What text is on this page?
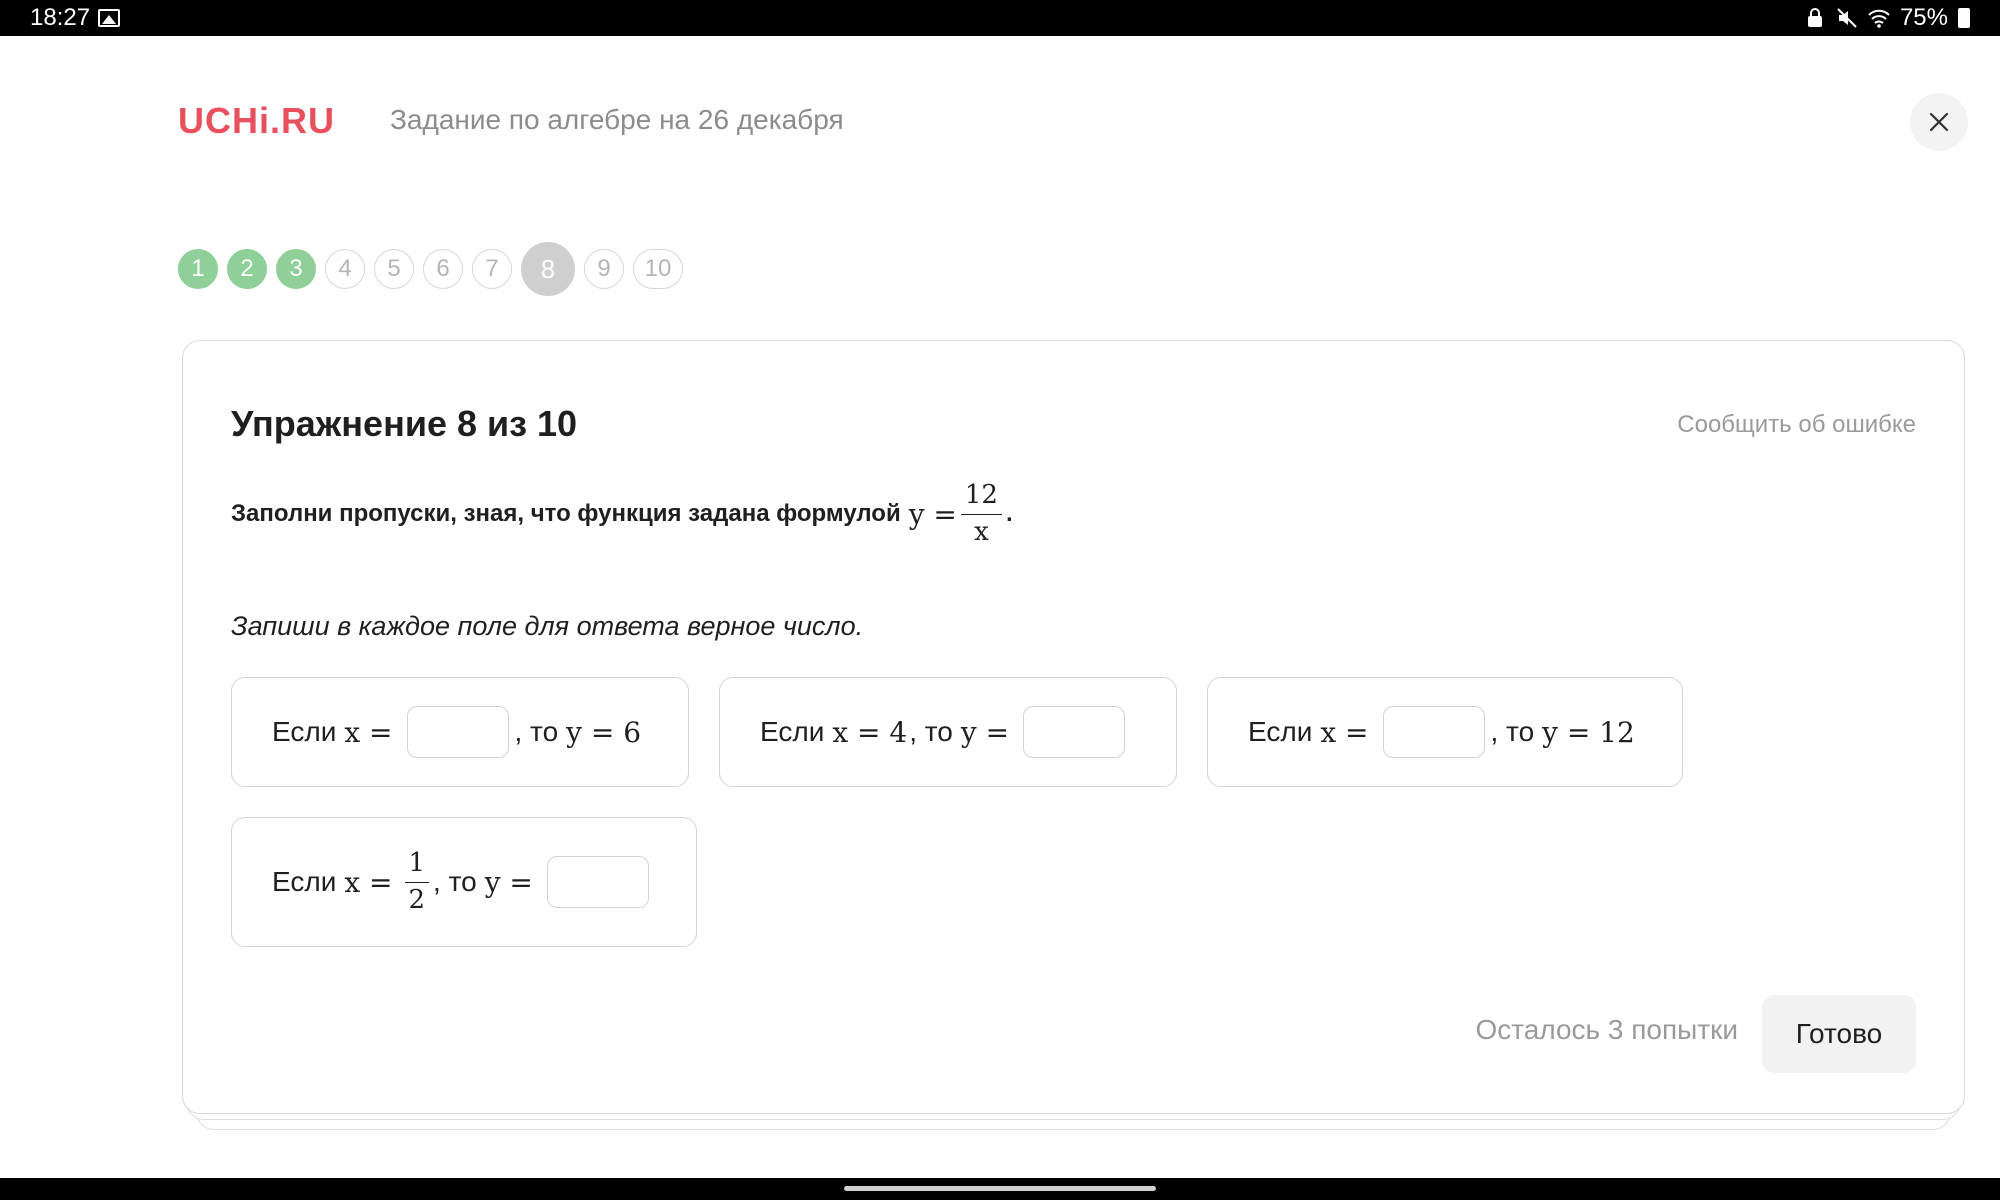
18:27	75%
UCHi.RU Задание по алгебре на 26 декабря
1	2	3	4	5	6	7	8	9	10
Упражнение 8 из 10	Сообщить об ошибке
Заполни пропуски, зная, что функция задана формулой $y = \frac{12}{x}$ .
Запиши в каждое поле для ответа верное число.
Если x =	, то y = 6	Если x = 4 , то y =	Если x =	, то y = 12
Если $x = \frac{1}{2}$ , то y =
Осталось 3 попытки	Готово
